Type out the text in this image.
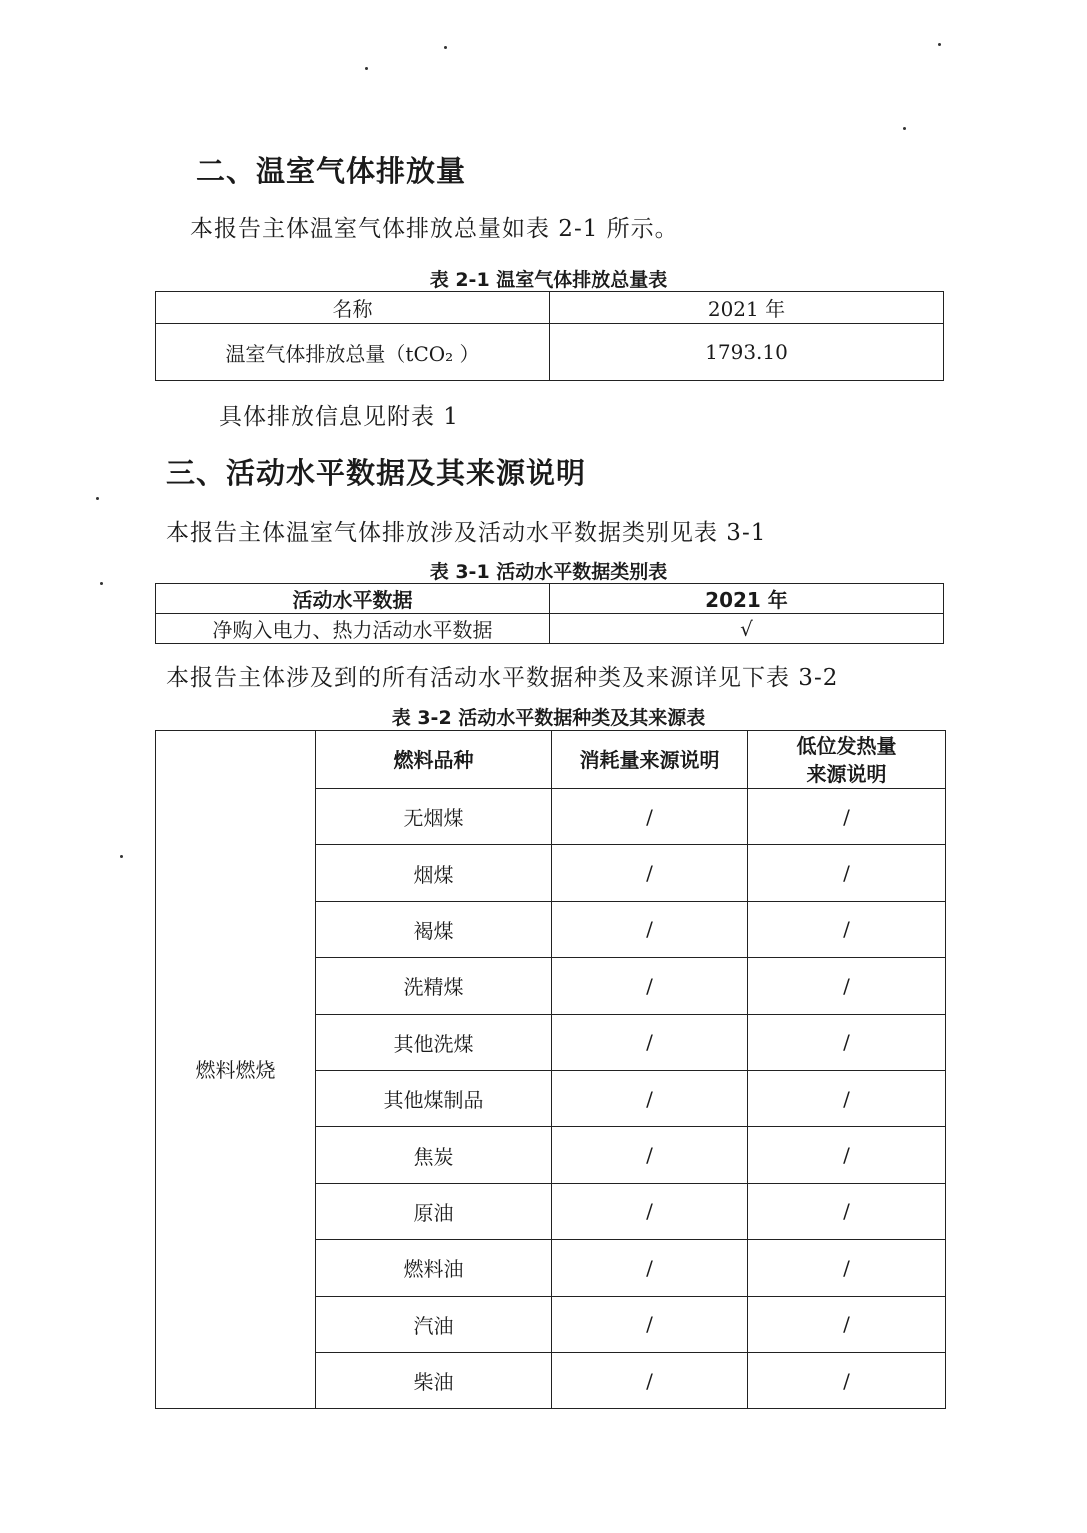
二、温室气体排放量
本报告主体温室气体排放总量如表 2-1 所示。
表 2-1 温室气体排放总量表
名称	2021 年
温室气体排放总量（tCO₂ ）	1793.10
具体排放信息见附表 1
三、活动水平数据及其来源说明
本报告主体温室气体排放涉及活动水平数据类别见表 3-1
表 3-1 活动水平数据类别表
活动水平数据	2021 年
净购入电力、热力活动水平数据	√
本报告主体涉及到的所有活动水平数据种类及来源详见下表 3-2
表 3-2 活动水平数据种类及其来源表
燃料燃烧	燃料品种	消耗量来源说明	低位发热量
来源说明

	无烟煤	/	/
	烟煤	/	/
	褐煤	/	/
	洗精煤	/	/
	其他洗煤	/	/
	其他煤制品	/	/
	焦炭	/	/
	原油	/	/
	燃料油	/	/
	汽油	/	/
	柴油	/	/
